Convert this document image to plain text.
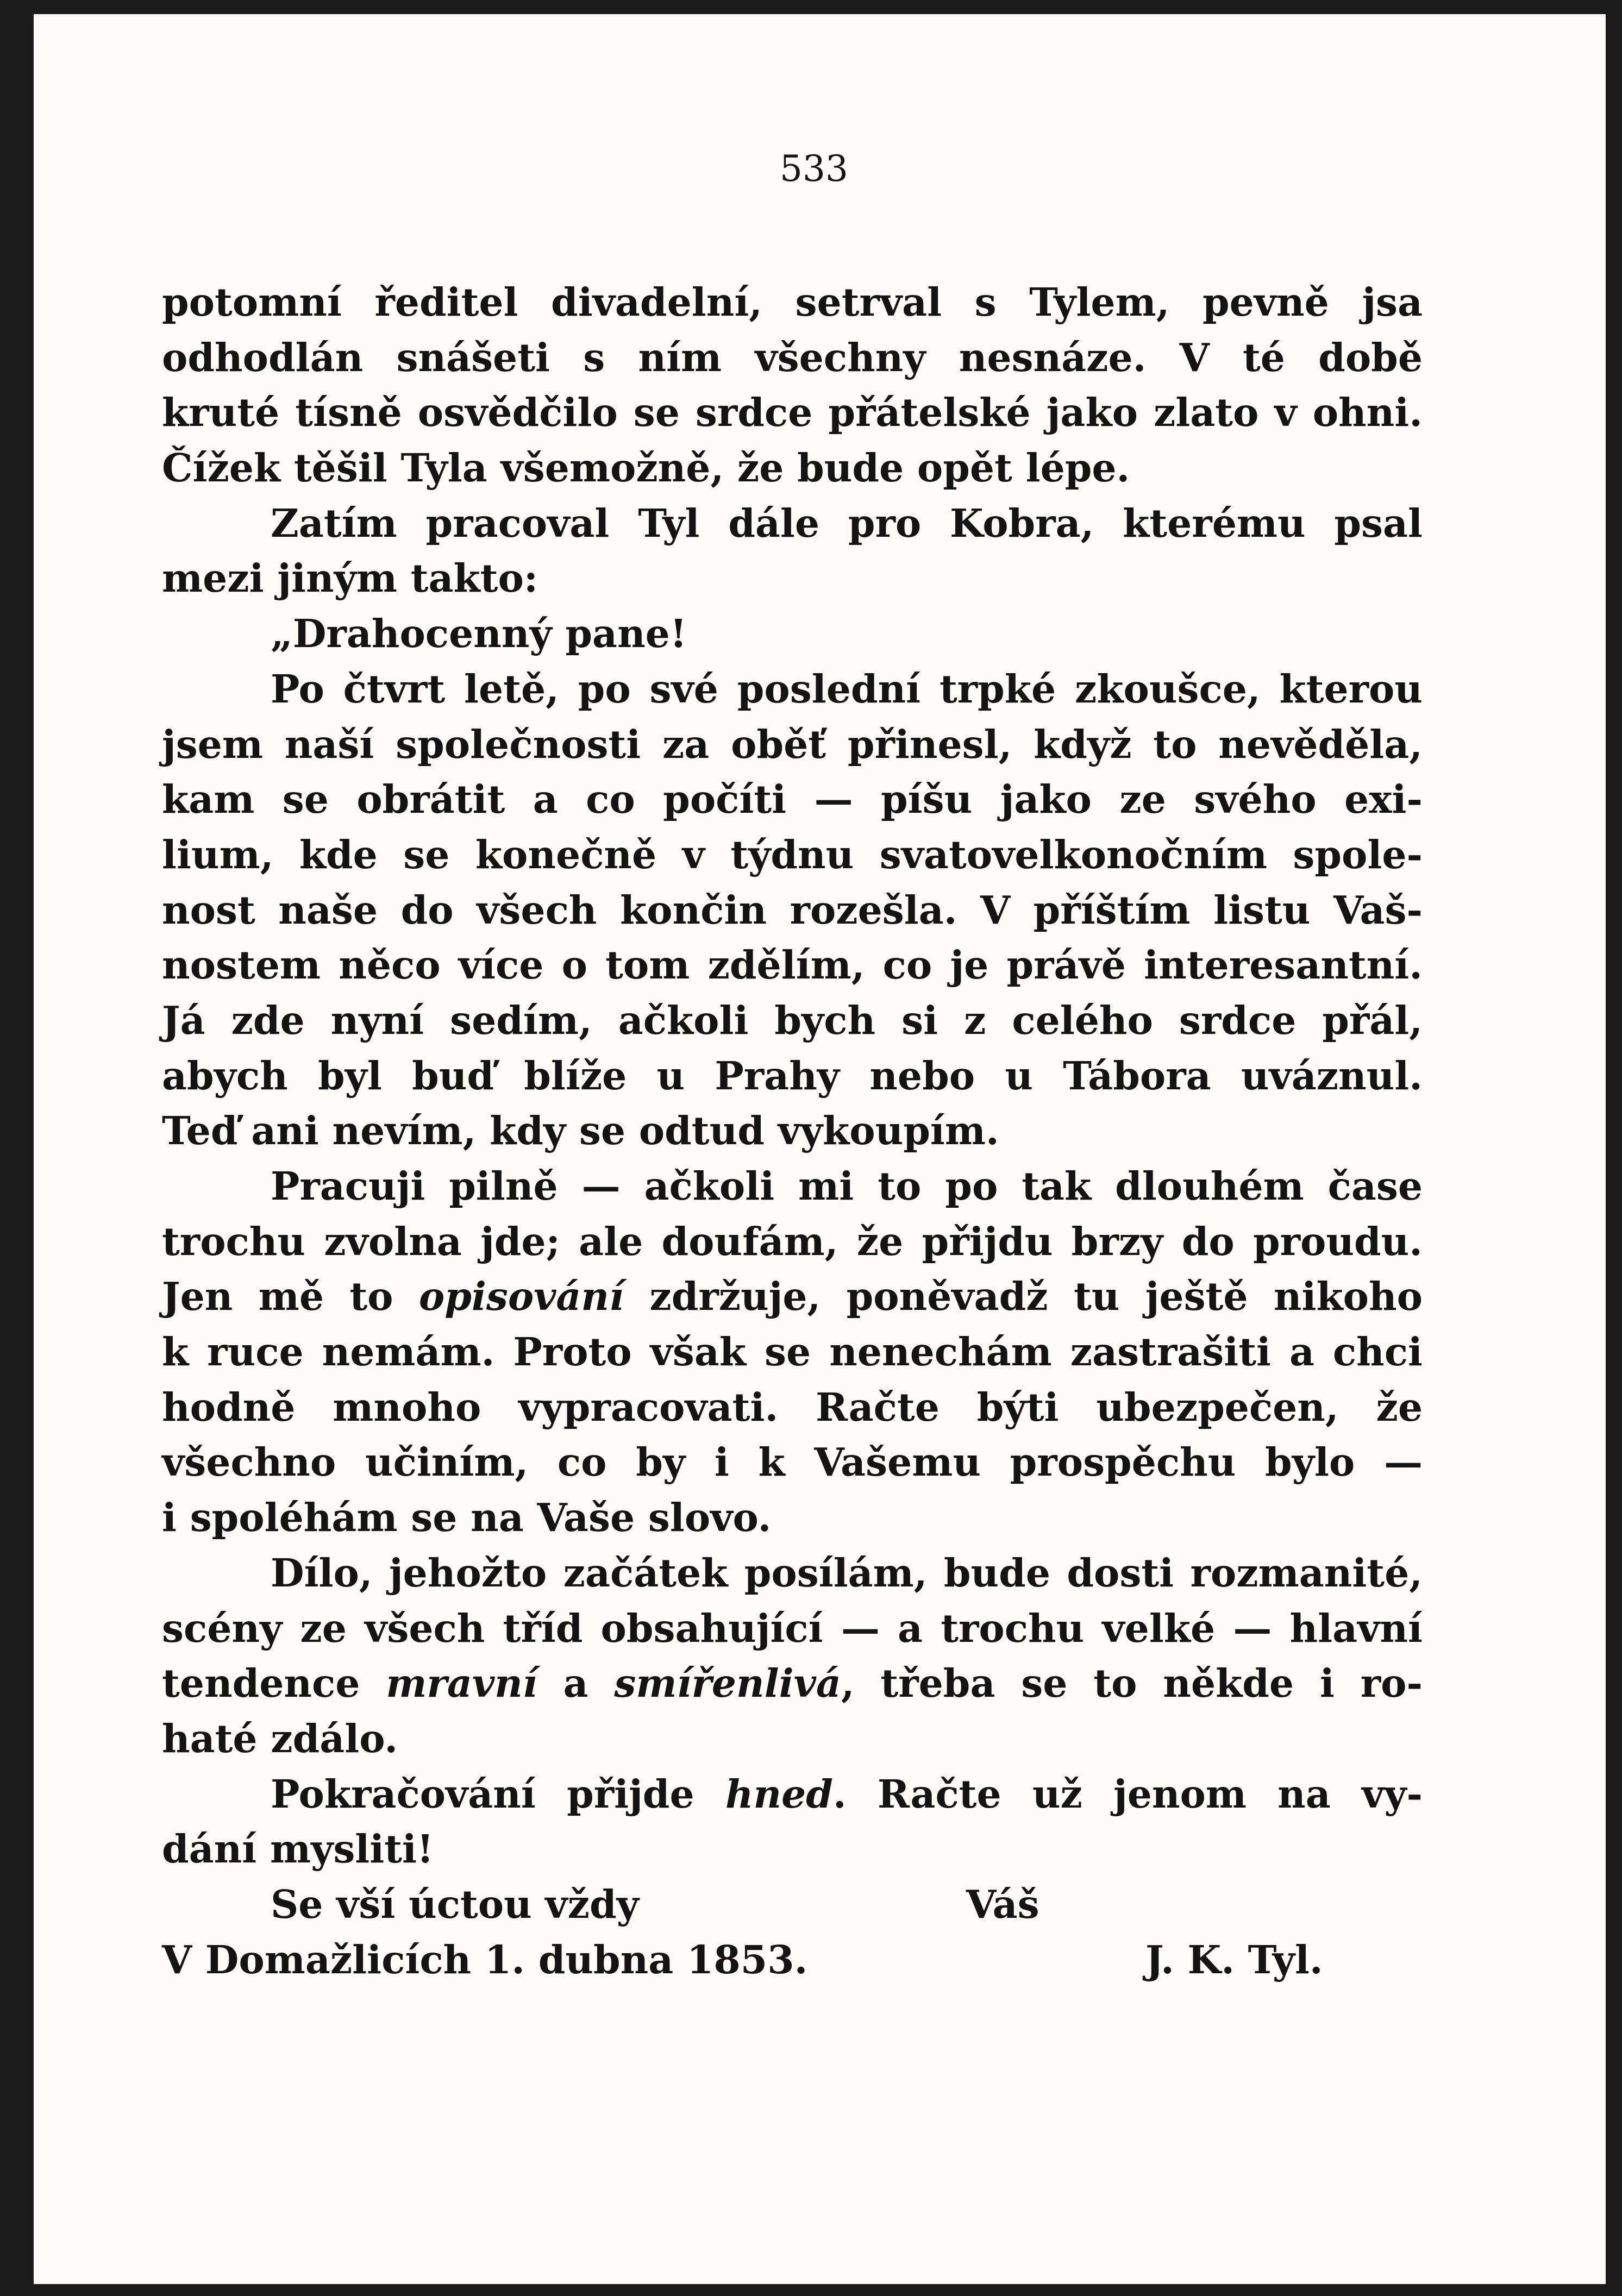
533
potomní ředitel divadelní, setrval s Tylem, pevně jsa
odhodlán snášeti s ním všechny nesnáze. V té době
kruté tísně osvědčilo se srdce přátelské jako zlato v ohni.
Čížek těšil Tyla všemožně, že bude opět lépe.
Zatím pracoval Tyl dále pro Kobra, kterému psal
mezi jiným takto:
„Drahocenný pane!
Po čtvrt letě, po své poslední trpké zkoušce, kterou
jsem naší společnosti za oběť přinesl, když to nevěděla,
kam se obrátit a co počíti — píšu jako ze svého exi-
lium, kde se konečně v týdnu svatovelkonočním spole-
nost naše do všech končin rozešla. V příštím listu Vaš-
nostem něco více o tom zdělím, co je právě interesantní.
Já zde nyní sedím, ačkoli bych si z celého srdce přál,
abych byl buď blíže u Prahy nebo u Tábora uváznul.
Teď ani nevím, kdy se odtud vykoupím.
Pracuji pilně — ačkoli mi to po tak dlouhém čase
trochu zvolna jde; ale doufám, že přijdu brzy do proudu.
Jen mě to opisování zdržuje, poněvadž tu ještě nikoho
k ruce nemám. Proto však se nenechám zastrašiti a chci
hodně mnoho vypracovati. Račte býti ubezpečen, že
všechno učiním, co by i k Vašemu prospěchu bylo —
i spoléhám se na Vaše slovo.
Dílo, jehožto začátek posílám, bude dosti rozmanité,
scény ze všech tříd obsahující — a trochu velké — hlavní
tendence mravní a smířenlivá, třeba se to někde i ro-
haté zdálo.
Pokračování přijde hned. Račte už jenom na vy-
dání mysliti!
Se vší úctou vždy	Váš
V Domažlicích 1. dubna 1853.	J. K. Tyl.
